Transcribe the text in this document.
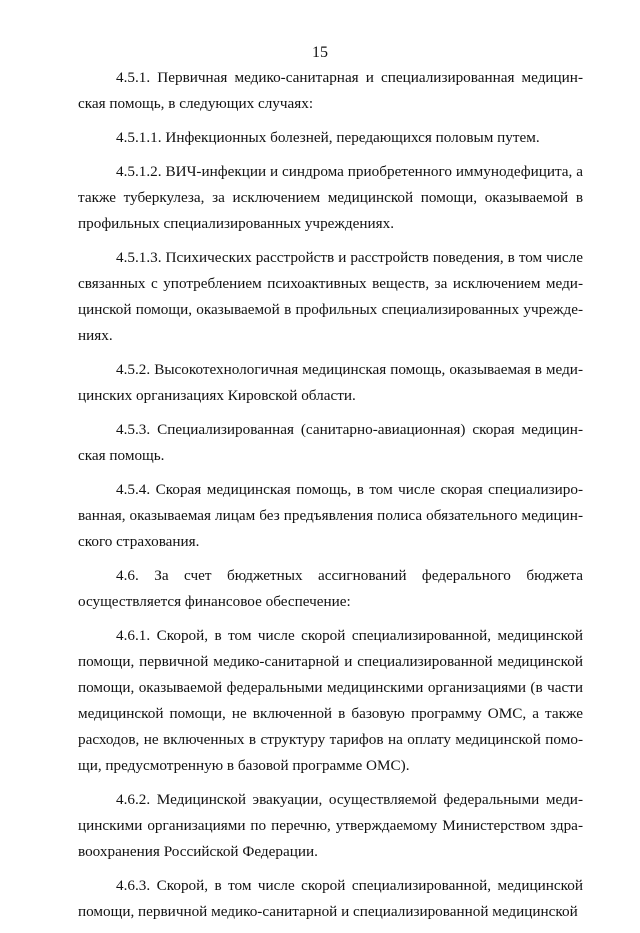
15

4.5.1. Первичная медико-санитарная и специализированная медицинская помощь, в следующих случаях:

4.5.1.1. Инфекционных болезней, передающихся половым путем.

4.5.1.2. ВИЧ-инфекции и синдрома приобретенного иммунодефицита, а также туберкулеза, за исключением медицинской помощи, оказываемой в профильных специализированных учреждениях.

4.5.1.3. Психических расстройств и расстройств поведения, в том числе связанных с употреблением психоактивных веществ, за исключением медицинской помощи, оказываемой в профильных специализированных учреждениях.

4.5.2. Высокотехнологичная медицинская помощь, оказываемая в медицинских организациях Кировской области.

4.5.3. Специализированная (санитарно-авиационная) скорая медицинская помощь.

4.5.4. Скорая медицинская помощь, в том числе скорая специализированная, оказываемая лицам без предъявления полиса обязательного медицинского страхования.

4.6. За счет бюджетных ассигнований федерального бюджета осуществляется финансовое обеспечение:

4.6.1. Скорой, в том числе скорой специализированной, медицинской помощи, первичной медико-санитарной и специализированной медицинской помощи, оказываемой федеральными медицинскими организациями (в части медицинской помощи, не включенной в базовую программу ОМС, а также расходов, не включенных в структуру тарифов на оплату медицинской помощи, предусмотренную в базовой программе ОМС).

4.6.2. Медицинской эвакуации, осуществляемой федеральными медицинскими организациями по перечню, утверждаемому Министерством здравоохранения Российской Федерации.

4.6.3. Скорой, в том числе скорой специализированной, медицинской помощи, первичной медико-санитарной и специализированной медицинской
